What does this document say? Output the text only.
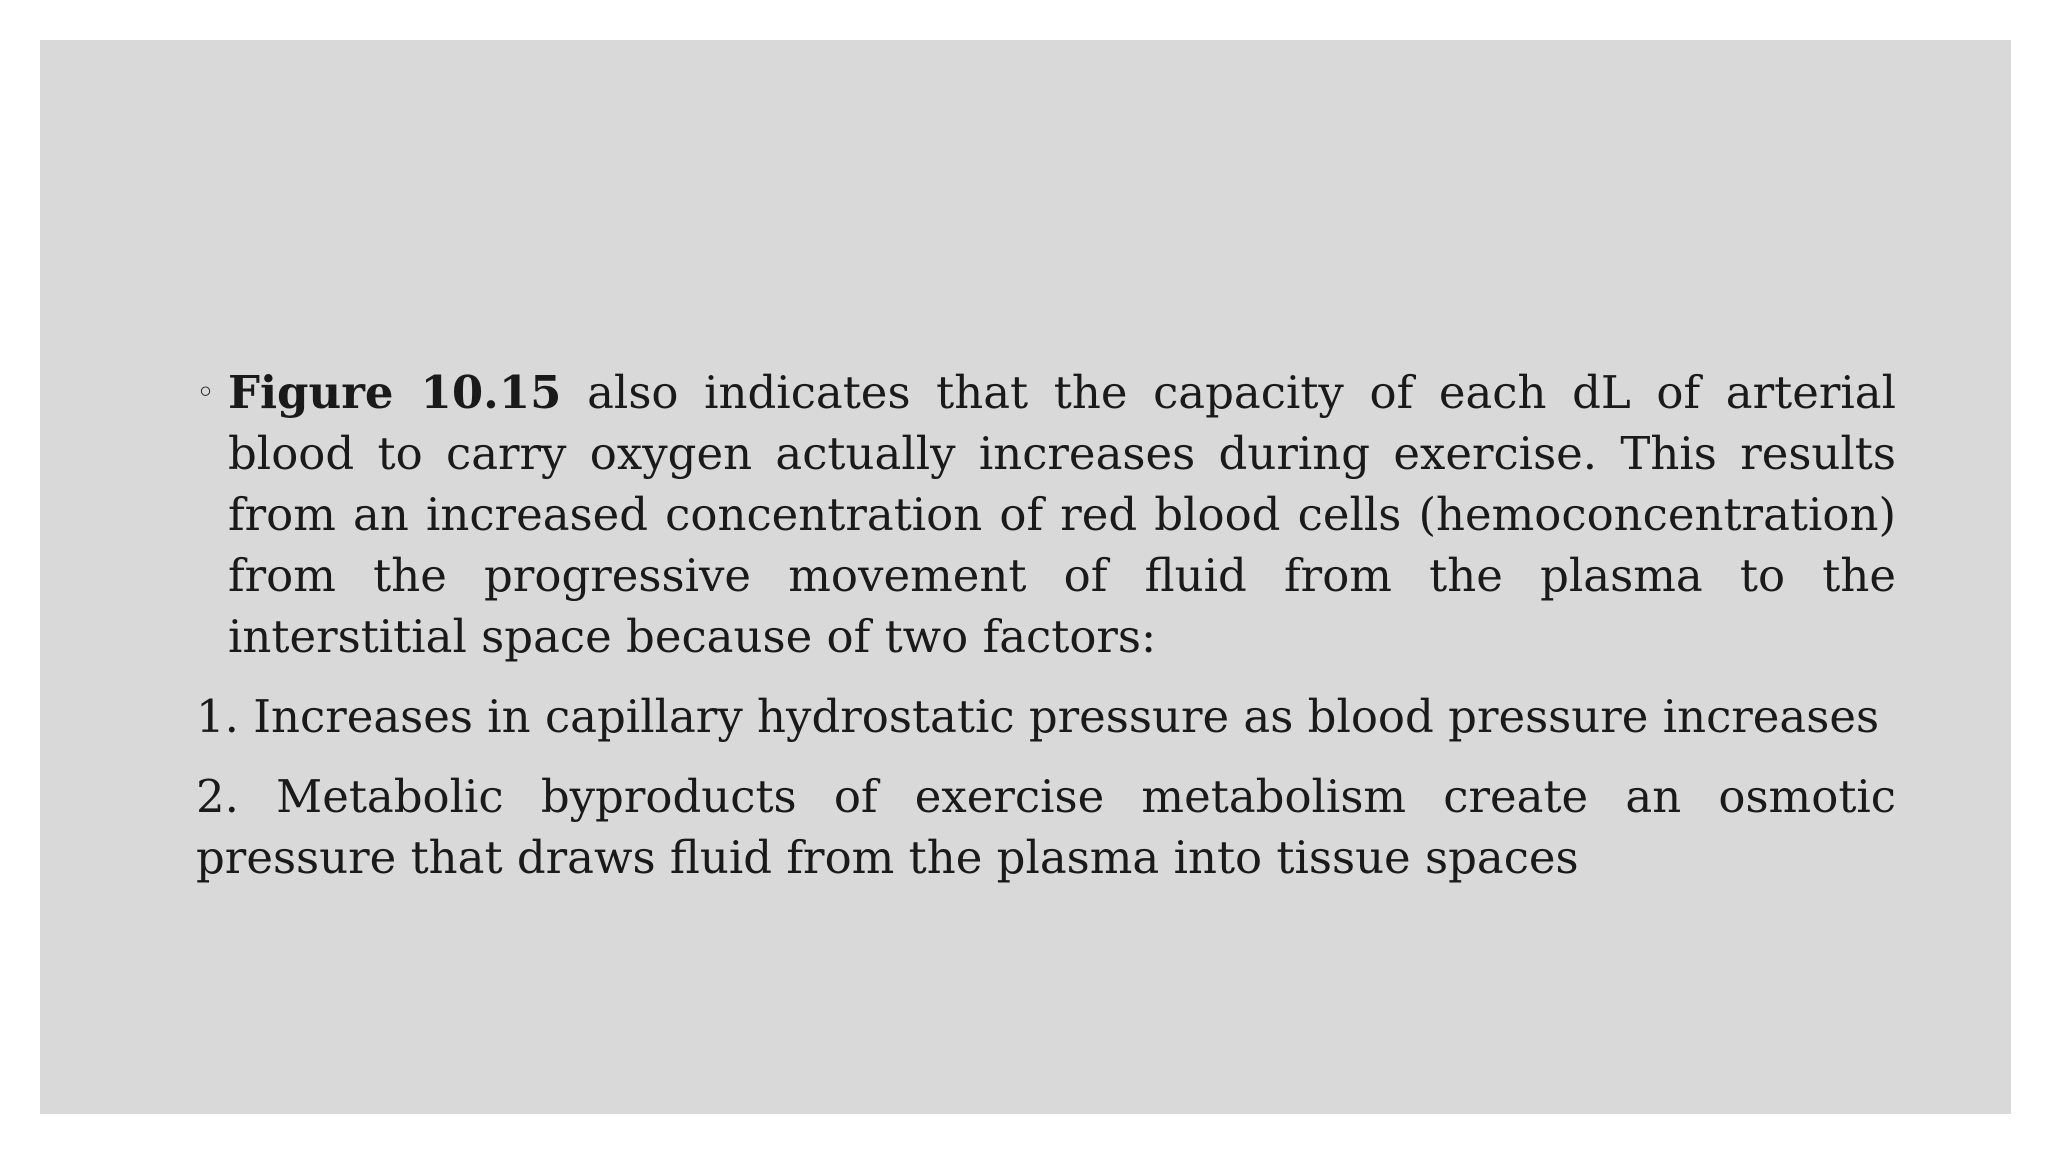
◦ Figure 10.15 also indicates that the capacity of each dL of arterial blood to carry oxygen actually increases during exercise. This results from an increased concentration of red blood cells (hemoconcentration) from the progressive movement of fluid from the plasma to the interstitial space because of two factors:

1. Increases in capillary hydrostatic pressure as blood pressure increases

2. Metabolic byproducts of exercise metabolism create an osmotic pressure that draws fluid from the plasma into tissue spaces
